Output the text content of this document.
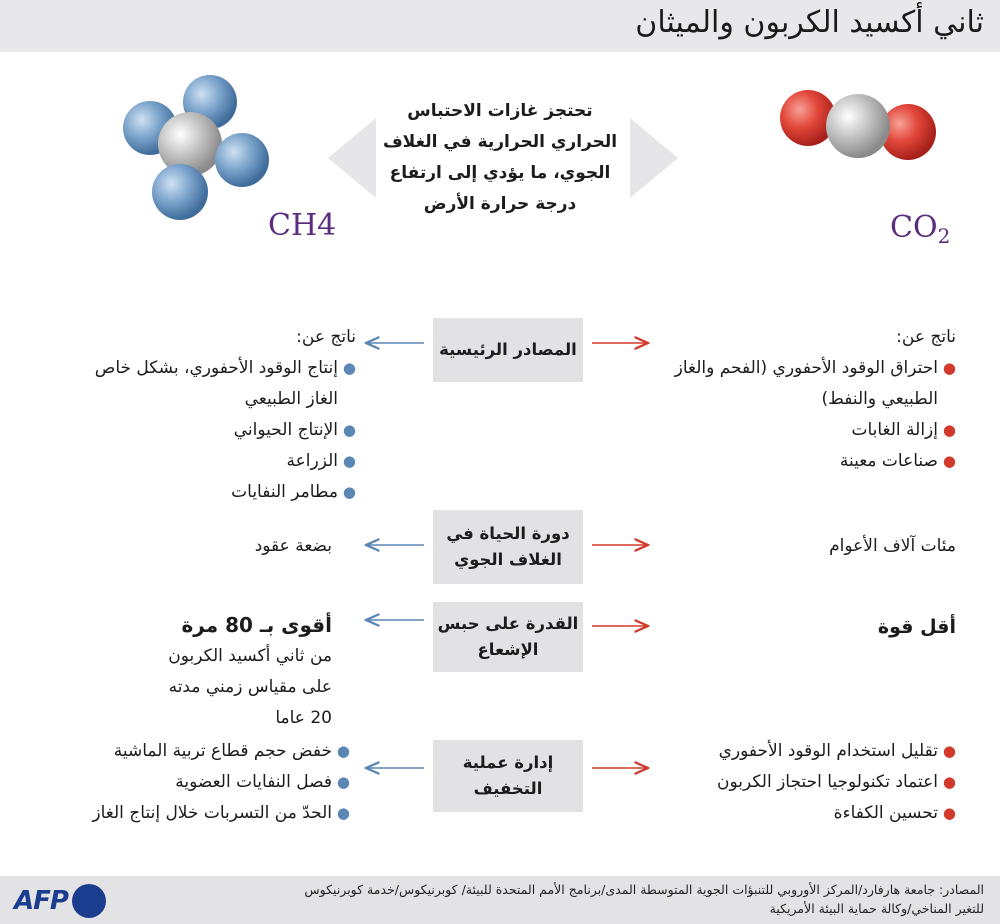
ثاني أكسيد الكربون والميثان
CH4	$CO_2$
تحتجز غازات الاحتباس الحراري الحرارية في الغلاف الجوي، ما يؤدي إلى ارتفاع درجة حرارة الأرض
المصادر الرئيسية
دورة الحياة في الغلاف الجوي
القدرة على حبس الإشعاع
إدارة عملية التخفيف
ناتج عن:
●
احتراق الوقود الأحفوري (الفحم والغاز الطبيعي والنفط)
●
إزالة الغابات
●
صناعات معينة
مئات آلاف الأعوام
أقل قوة
●
تقليل استخدام الوقود الأحفوري
●
اعتماد تكنولوجيا احتجاز الكربون
●
تحسين الكفاءة
ناتج عن:
●
إنتاج الوقود الأحفوري، بشكل خاص الغاز الطبيعي
●
الإنتاج الحيواني
●
الزراعة
●
مطامر النفايات
بضعة عقود
أقوى بـ 80 مرة
من ثاني أكسيد الكربون على مقياس زمني مدته 20 عاما
●
خفض حجم قطاع تربية الماشية
●
فصل النفايات العضوية
●
الحدّ من التسربات خلال إنتاج الغاز
AFP	المصادر: جامعة هارفارد/المركز الأوروبي للتنبؤات الجوية المتوسطة المدى/برنامج الأمم المتحدة للبيئة/ كوبرنيكوس/خدمة كوبرنيكوس للتغير المناخي/وكالة حماية البيئة الأمريكية
